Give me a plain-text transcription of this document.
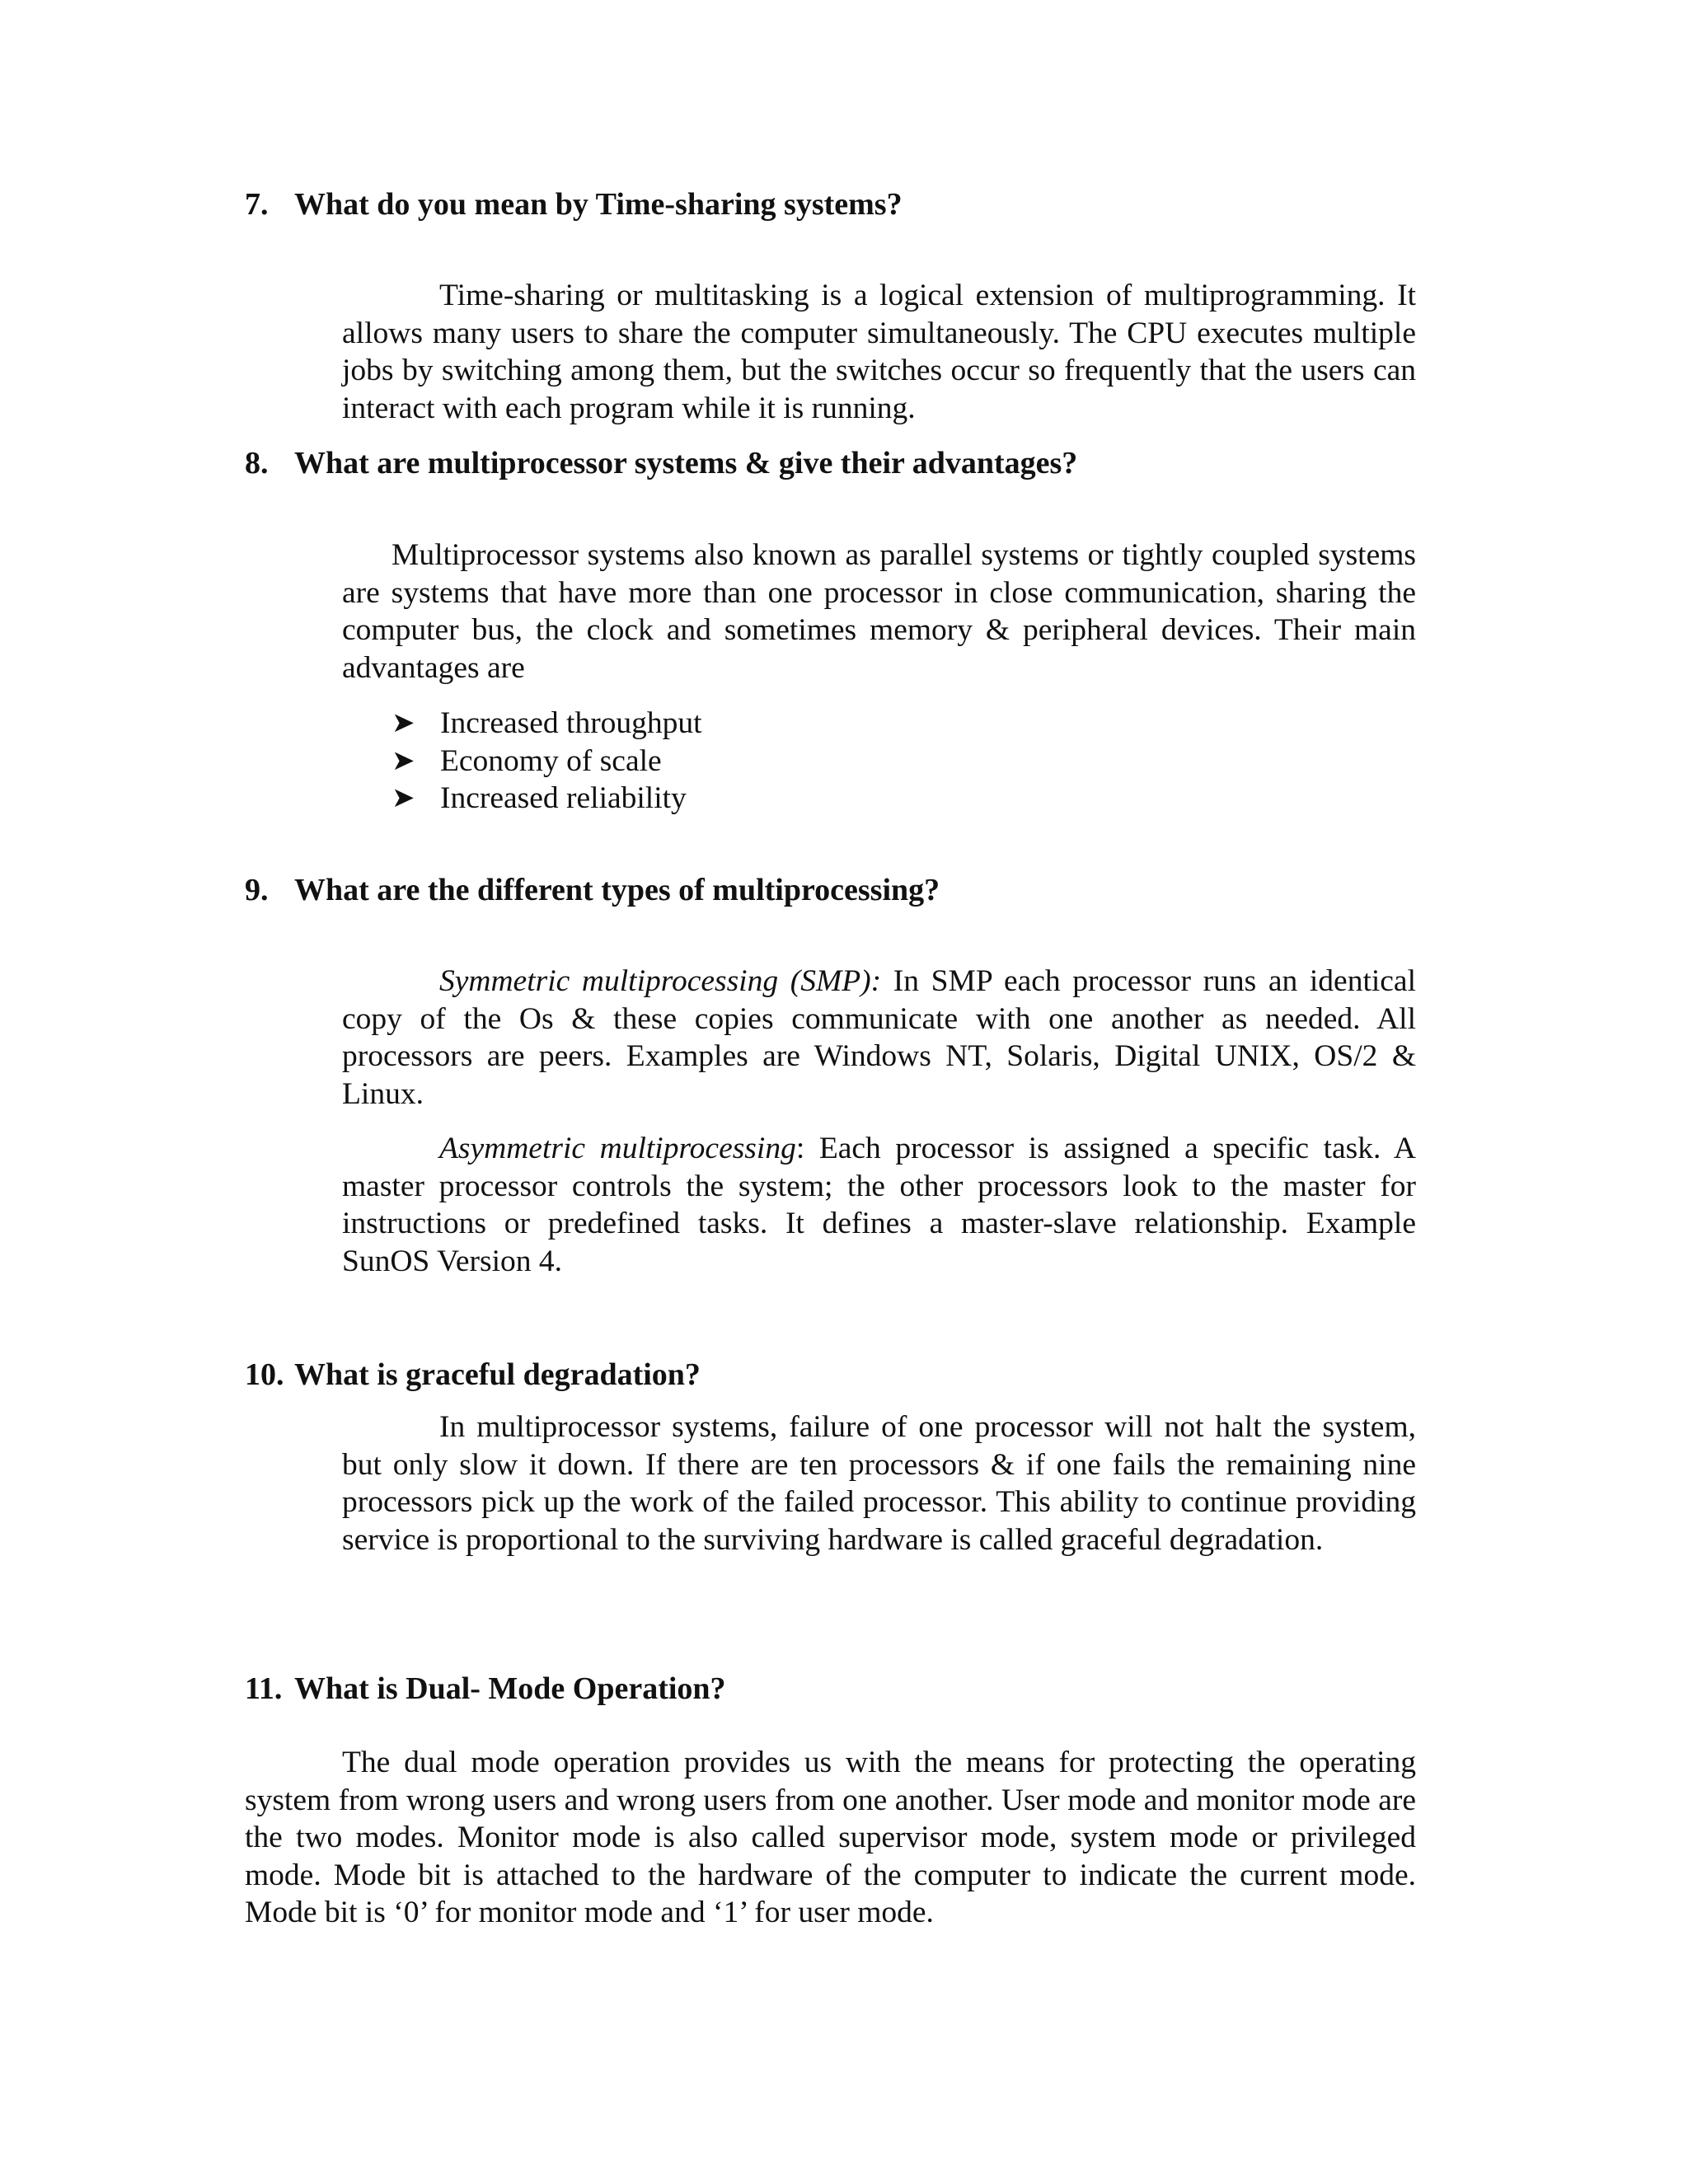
7. What do you mean by Time-sharing systems?
Time-sharing or multitasking is a logical extension of multiprogramming. It allows many users to share the computer simultaneously. The CPU executes multiple jobs by switching among them, but the switches occur so frequently that the users can interact with each program while it is running.
8. What are multiprocessor systems & give their advantages?
Multiprocessor systems also known as parallel systems or tightly coupled systems are systems that have more than one processor in close communication, sharing the computer bus, the clock and sometimes memory & peripheral devices. Their main advantages are
➤ Increased throughput
➤ Economy of scale
➤ Increased reliability
9. What are the different types of multiprocessing?
Symmetric multiprocessing (SMP): In SMP each processor runs an identical copy of the Os & these copies communicate with one another as needed. All processors are peers. Examples are Windows NT, Solaris, Digital UNIX, OS/2 & Linux.
Asymmetric multiprocessing: Each processor is assigned a specific task. A master processor controls the system; the other processors look to the master for instructions or predefined tasks. It defines a master-slave relationship. Example SunOS Version 4.
10. What is graceful degradation?
In multiprocessor systems, failure of one processor will not halt the system, but only slow it down. If there are ten processors & if one fails the remaining nine processors pick up the work of the failed processor. This ability to continue providing service is proportional to the surviving hardware is called graceful degradation.
11. What is Dual- Mode Operation?
The dual mode operation provides us with the means for protecting the operating system from wrong users and wrong users from one another. User mode and monitor mode are the two modes. Monitor mode is also called supervisor mode, system mode or privileged mode. Mode bit is attached to the hardware of the computer to indicate the current mode. Mode bit is ‘0’ for monitor mode and ‘1’ for user mode.
